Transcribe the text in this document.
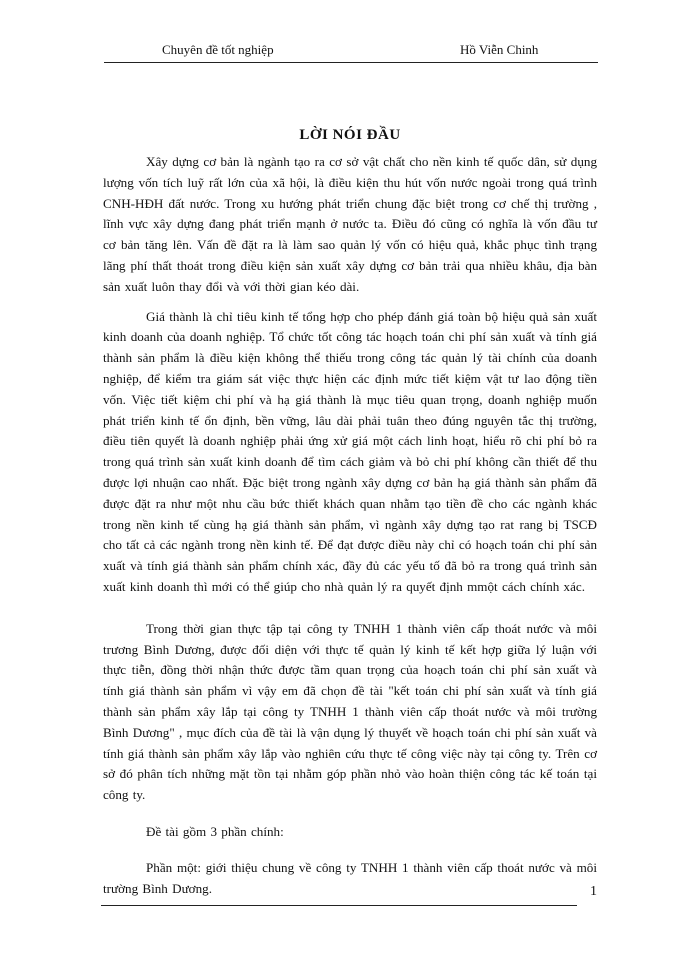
Chuyên đề tốt nghiệp	Hồ Viễn Chinh
LỜI NÓI ĐẦU

Xây dựng cơ bản là ngành tạo ra cơ sở vật chất cho nền kinh tế quốc dân, sử dụng lượng vốn tích luỹ rất lớn của xã hội, là điều kiện thu hút vốn nước ngoài trong quá trình CNH-HĐH đất nước. Trong xu hướng phát triển chung đặc biệt trong cơ chế thị trường , lĩnh vực xây dựng đang phát triển mạnh ở nước ta. Điều đó cũng có nghĩa là vốn đầu tư cơ bản tăng lên. Vấn đề đặt ra là làm sao quản lý vốn có hiệu quả, khắc phục tình trạng lãng phí thất thoát trong điều kiện sản xuất xây dựng cơ bản trải qua nhiều khâu, địa bàn sản xuất luôn thay đổi và với thời gian kéo dài.

Giá thành là chỉ tiêu kinh tế tổng hợp cho phép đánh giá toàn bộ hiệu quả sản xuất kinh doanh của doanh nghiệp. Tổ chức tốt công tác hoạch toán chi phí sản xuất và tính giá thành sản phẩm là điều kiện không thể thiếu trong công tác quản lý tài chính của doanh nghiệp, để kiểm tra giám sát việc thực hiện các định mức tiết kiệm vật tư lao động tiền vốn. Việc tiết kiệm chi phí và hạ giá thành là mục tiêu quan trọng, doanh nghiệp muốn phát triển kinh tế ổn định, bền vững, lâu dài phải tuân theo đúng nguyên tắc thị trường, điều tiên quyết là doanh nghiệp phải ứng xử giá một cách linh hoạt, hiểu rõ chi phí bỏ ra trong quá trình sản xuất kinh doanh để tìm cách giảm và bỏ chi phí không cần thiết để thu được lợi nhuận cao nhất. Đặc biệt trong ngành xây dựng cơ bản hạ giá thành sản phẩm đã được đặt ra như một nhu cầu bức thiết khách quan nhằm tạo tiền đề cho các ngành khác trong nền kinh tế cùng hạ giá thành sản phẩm, vì ngành xây dựng tạo rat rang bị TSCĐ cho tất cả các ngành trong nền kinh tế. Để đạt được điều này chỉ có hoạch toán chi phí sản xuất và tính giá thành sản phẩm chính xác, đầy đủ các yếu tố đã bỏ ra trong quá trình sản xuất kinh doanh thì mới có thể giúp cho nhà quản lý ra quyết định mmột cách chính xác.

Trong thời gian thực tập tại công ty TNHH 1 thành viên cấp thoát nước và môi trương Bình Dương, được đối diện với thực tế quản lý kinh tế kết hợp giữa lý luận với thực tiễn, đồng thời nhận thức được tầm quan trọng của hoạch toán chi phí sản xuất và tính giá thành sản phẩm vì vậy em đã chọn đề tài "kết toán chi phí sản xuất và tính giá thành sản phẩm xây lắp tại công ty TNHH 1 thành viên cấp thoát nước và môi trường Bình Dương" , mục đích của đề tài là vận dụng lý thuyết về hoạch toán chi phí sản xuất và tính giá thành sản phẩm xây lắp vào nghiên cứu thực tế công việc này tại công ty. Trên cơ sở đó phân tích những mặt tồn tại nhằm góp phần nhỏ vào hoàn thiện công tác kế toán tại công ty.

Đề tài gồm 3 phần chính:

Phần một: giới thiệu chung về công ty TNHH 1 thành viên cấp thoát nước và môi trường Bình Dương.	1
